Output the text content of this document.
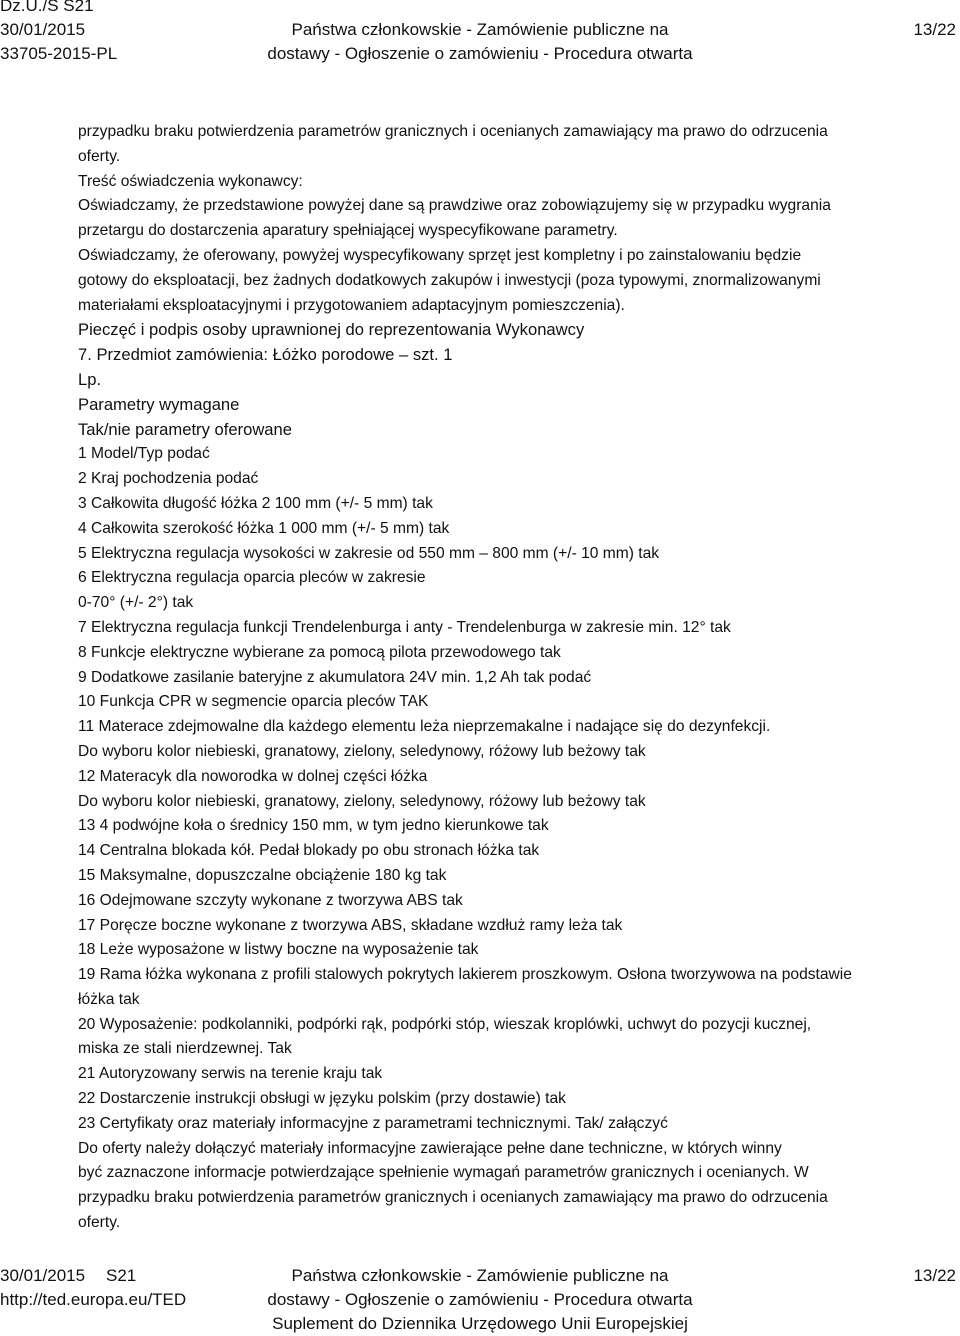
Dz.U./S S21
30/01/2015	Państwa członkowskie - Zamówienie publiczne na	13/22
33705-2015-PL	dostawy - Ogłoszenie o zamówieniu - Procedura otwarta
przypadku braku potwierdzenia parametrów granicznych i ocenianych zamawiający ma prawo do odrzucenia
oferty.
Treść oświadczenia wykonawcy:
Oświadczamy, że przedstawione powyżej dane są prawdziwe oraz zobowiązujemy się w przypadku wygrania
przetargu do dostarczenia aparatury spełniającej wyspecyfikowane parametry.
Oświadczamy, że oferowany, powyżej wyspecyfikowany sprzęt jest kompletny i po zainstalowaniu będzie
gotowy do eksploatacji, bez żadnych dodatkowych zakupów i inwestycji (poza typowymi, znormalizowanymi
materiałami eksploatacyjnymi i przygotowaniem adaptacyjnym pomieszczenia).
Pieczęć i podpis osoby uprawnionej do reprezentowania Wykonawcy
7. Przedmiot zamówienia: Łóżko porodowe – szt. 1
Lp.
Parametry wymagane
Tak/nie parametry oferowane
1 Model/Typ podać
2 Kraj pochodzenia podać
3 Całkowita długość łóżka 2 100 mm (+/- 5 mm) tak
4 Całkowita szerokość łóżka 1 000 mm (+/- 5 mm) tak
5 Elektryczna regulacja wysokości w zakresie od 550 mm – 800 mm (+/- 10 mm) tak
6 Elektryczna regulacja oparcia pleców w zakresie
0-70° (+/- 2°) tak
7 Elektryczna regulacja funkcji Trendelenburga i anty - Trendelenburga w zakresie min. 12° tak
8 Funkcje elektryczne wybierane za pomocą pilota przewodowego tak
9 Dodatkowe zasilanie bateryjne z akumulatora 24V min. 1,2 Ah tak podać
10 Funkcja CPR w segmencie oparcia pleców TAK
11 Materace zdejmowalne dla każdego elementu leża nieprzemakalne i nadające się do dezynfekcji.
Do wyboru kolor niebieski, granatowy, zielony, seledynowy, różowy lub beżowy tak
12 Materacyk dla noworodka w dolnej części łóżka
Do wyboru kolor niebieski, granatowy, zielony, seledynowy, różowy lub beżowy tak
13 4 podwójne koła o średnicy 150 mm, w tym jedno kierunkowe tak
14 Centralna blokada kół. Pedał blokady po obu stronach łóżka tak
15 Maksymalne, dopuszczalne obciążenie 180 kg tak
16 Odejmowane szczyty wykonane z tworzywa ABS tak
17 Poręcze boczne wykonane z tworzywa ABS, składane wzdłuż ramy leża tak
18 Leże wyposażone w listwy boczne na wyposażenie tak
19 Rama łóżka wykonana z profili stalowych pokrytych lakierem proszkowym. Osłona tworzywowa na podstawie
łóżka tak
20 Wyposażenie: podkolanniki, podpórki rąk, podpórki stóp, wieszak kroplówki, uchwyt do pozycji kucznej,
miska ze stali nierdzewnej. Tak
21 Autoryzowany serwis na terenie kraju tak
22 Dostarczenie instrukcji obsługi w języku polskim (przy dostawie) tak
23 Certyfikaty oraz materiały informacyjne z parametrami technicznymi. Tak/ załączyć
Do oferty należy dołączyć materiały informacyjne zawierające pełne dane techniczne, w których winny
być zaznaczone informacje potwierdzające spełnienie wymagań parametrów granicznych i ocenianych. W
przypadku braku potwierdzenia parametrów granicznych i ocenianych zamawiający ma prawo do odrzucenia
oferty.
30/01/2015 S21	Państwa członkowskie - Zamówienie publiczne na	13/22
http://ted.europa.eu/TED	dostawy - Ogłoszenie o zamówieniu - Procedura otwarta
Suplement do Dziennika Urzędowego Unii Europejskiej
